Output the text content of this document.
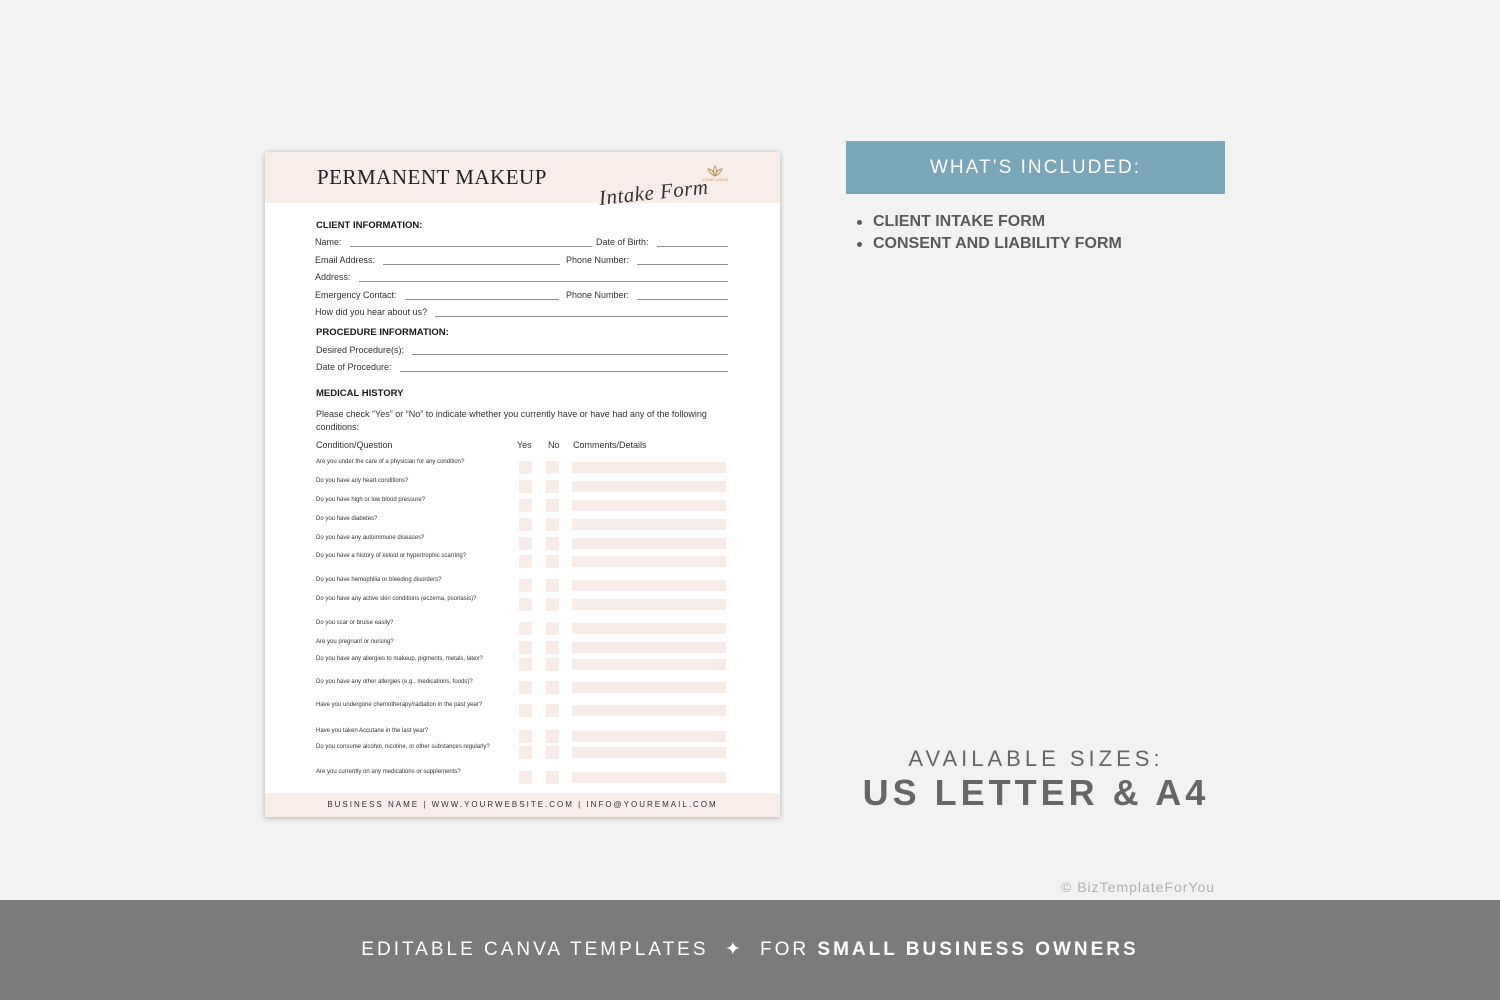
PERMANENT MAKEUP Intake Form
YOUR LOGO
CLIENT INFORMATION:
Name:	Date of Birth:
Email Address:	Phone Number:
Address:
Emergency Contact:	Phone Number:
How did you hear about us?
PROCEDURE INFORMATION:
Desired Procedure(s):
Date of Procedure:
MEDICAL HISTORY
Please check “Yes” or “No” to indicate whether you currently have or have had any of the following conditions:
Condition/Question	Yes No Comments/Details
Are you under the care of a physician for any condition?
Do you have any heart conditions?
Do you have high or low blood pressure?
Do you have diabetes?
Do you have any autoimmune diseases?
Do you have a history of keloid or hypertrophic scarring?
Do you have hemophilia or bleeding disorders?
Do you have any active skin conditions (eczema, psoriasis)?
Do you scar or bruise easily?
Are you pregnant or nursing?
Do you have any allergies to makeup, pigments, metals, latex?
Do you have any other allergies (e.g., medications, foods)?
Have you undergone chemotherapy/radiation in the past year?
Have you taken Accutane in the last year?
Do you consume alcohol, nicotine, or other substances regularly?
Are you currently on any medications or supplements?
BUSINESS NAME | WWW.YOURWEBSITE.COM | INFO@YOUREMAIL.COM
WHAT’S INCLUDED:
CLIENT INTAKE FORM
CONSENT AND LIABILITY FORM
AVAILABLE SIZES:
US LETTER & A4
© BizTemplateForYou
EDITABLE CANVA TEMPLATES ✦ FOR SMALL BUSINESS OWNERS
